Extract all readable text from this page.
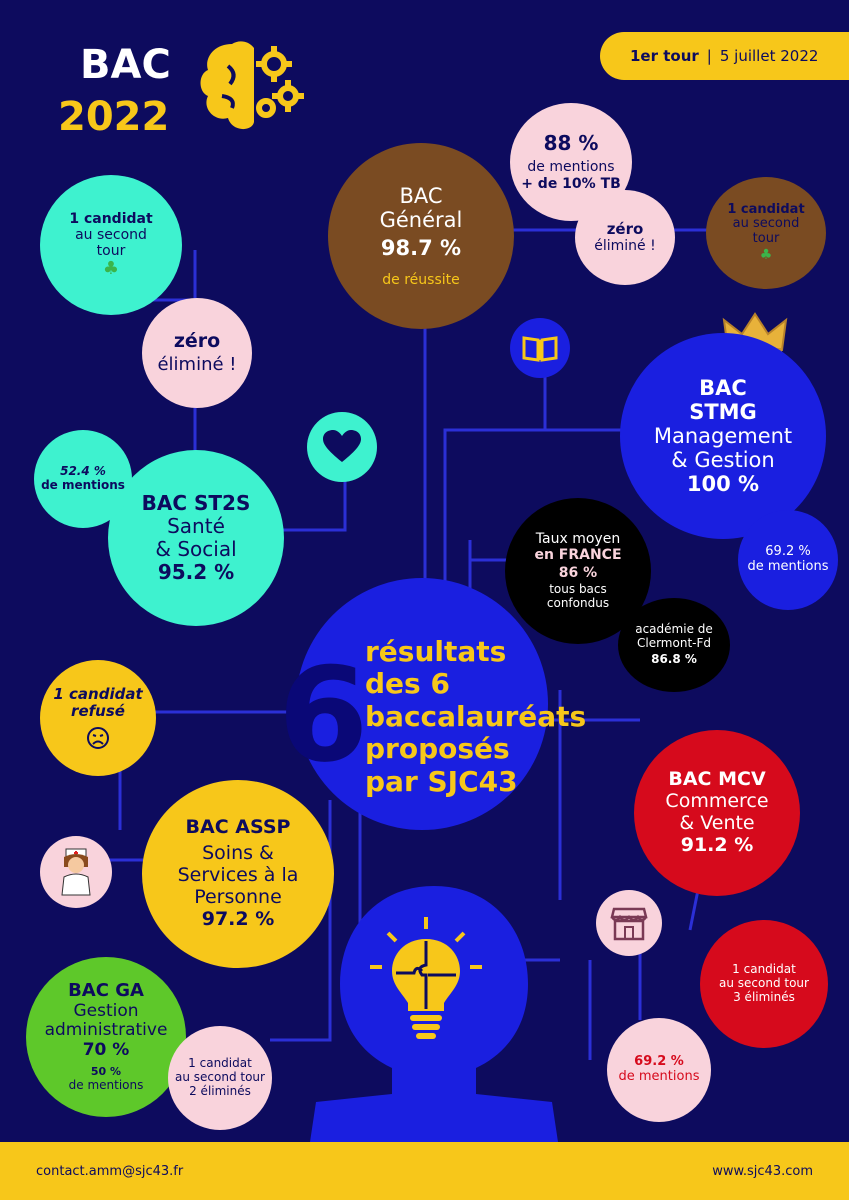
BAC
2022
1er tour | 5 juillet 2022
BAC
Général
98.7 %
de réussite
88 %
de mentions
+ de 10% TB
zéro
éliminé !
1 candidat
au second
tour
♣
1 candidat
au second
tour
♣
zéro
éliminé !
BAC ST2S
Santé
& Social
95.2 %
52.4 %
de mentions
BAC
STMG
Management
& Gestion
100 %
69.2 %
de mentions
Taux moyen
en FRANCE
86 %
tous bacs
confondus
académie de
Clermont-Fd
86.8 %
6
résultats
des 6
baccalauréats
proposés
par SJC43
1 candidat
refusé
BAC ASSP
Soins &
Services à la
Personne
97.2 %
BAC GA
Gestion
administrative
70 %
50 %
de mentions
1 candidat
au second tour
2 éliminés
BAC MCV
Commerce
& Vente
91.2 %
1 candidat
au second tour
3 éliminés
69.2 %
de mentions
contact.amm@sjc43.fr	www.sjc43.com
